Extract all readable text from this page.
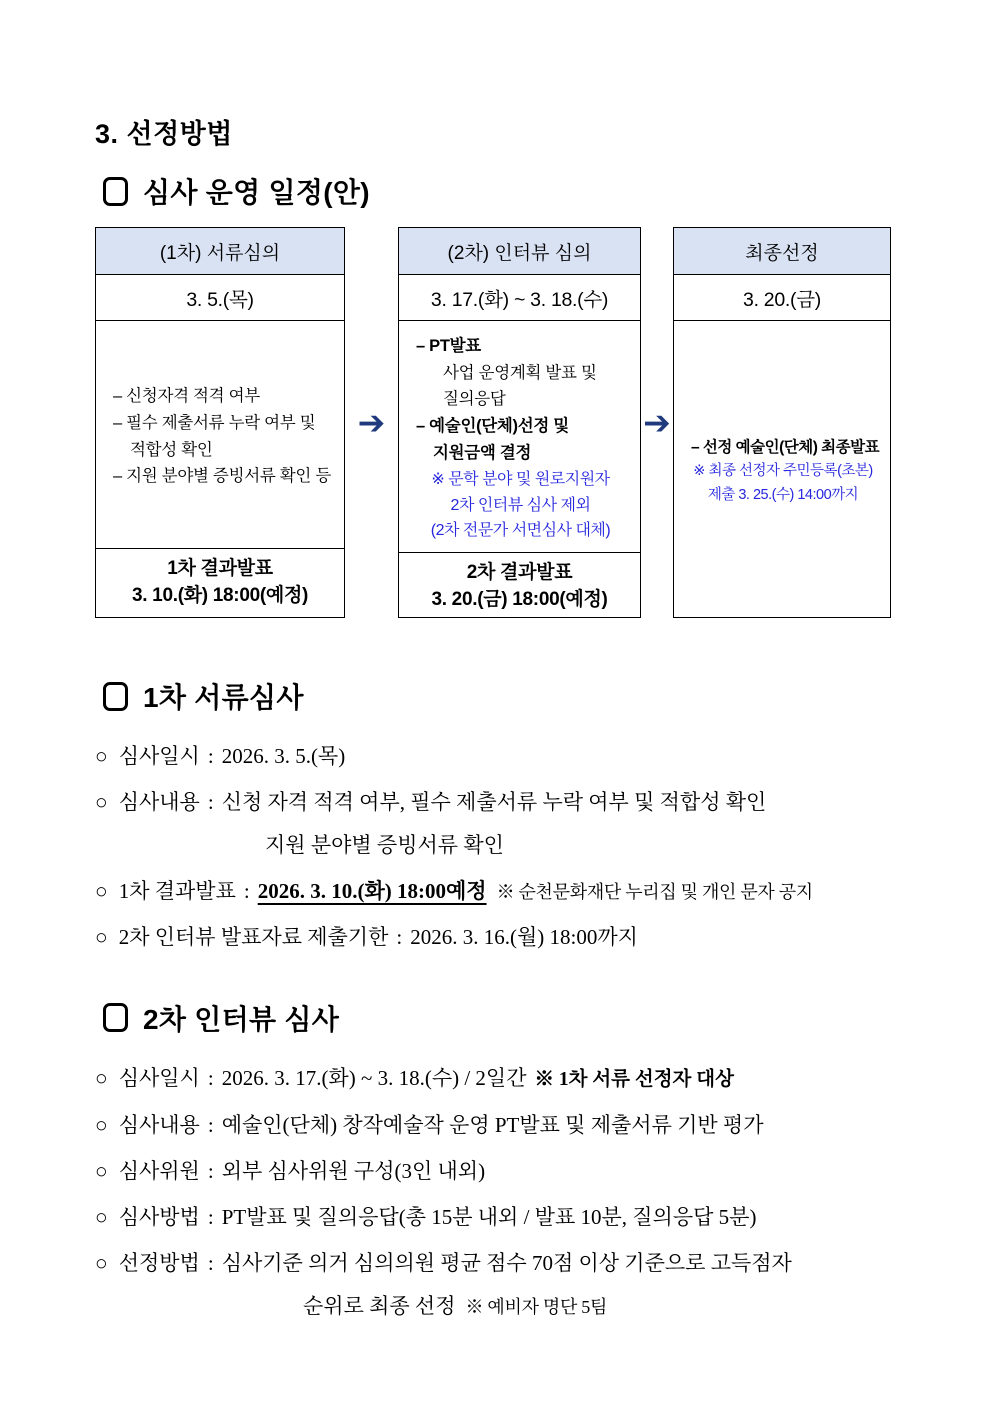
3. 선정방법
심사 운영 일정(안)
(1차) 서류심의
3. 5.(목)
– 신청자격 적격 여부
– 필수 제출서류 누락 여부 및
적합성 확인
– 지원 분야별 증빙서류 확인 등
1차 결과발표
3. 10.(화) 18:00(예정)
➔
(2차) 인터뷰 심의
3. 17.(화) ~ 3. 18.(수)
– PT발표
사업 운영계획 발표 및
질의응답
– 예술인(단체)선정 및
지원금액 결정
※ 문학 분야 및 원로지원자
2차 인터뷰 심사 제외
(2차 전문가 서면심사 대체)
2차 결과발표
3. 20.(금) 18:00(예정)
➔
최종선정
3. 20.(금)
– 선정 예술인(단체) 최종발표
※ 최종 선정자 주민등록(초본)
제출 3. 25.(수) 14:00까지
1차 서류심사
○ 심사일시 : 2026. 3. 5.(목)
○ 심사내용 : 신청 자격 적격 여부, 필수 제출서류 누락 여부 및 적합성 확인
지원 분야별 증빙서류 확인
○ 1차 결과발표 : 2026. 3. 10.(화) 18:00예정 ※ 순천문화재단 누리집 및 개인 문자 공지
○ 2차 인터뷰 발표자료 제출기한 : 2026. 3. 16.(월) 18:00까지
2차 인터뷰 심사
○ 심사일시 : 2026. 3. 17.(화) ~ 3. 18.(수) / 2일간 ※ 1차 서류 선정자 대상
○ 심사내용 : 예술인(단체) 창작예술작 운영 PT발표 및 제출서류 기반 평가
○ 심사위원 : 외부 심사위원 구성(3인 내외)
○ 심사방법 : PT발표 및 질의응답(총 15분 내외 / 발표 10분, 질의응답 5분)
○ 선정방법 : 심사기준 의거 심의의원 평균 점수 70점 이상 기준으로 고득점자
순위로 최종 선정 ※ 예비자 명단 5팀
